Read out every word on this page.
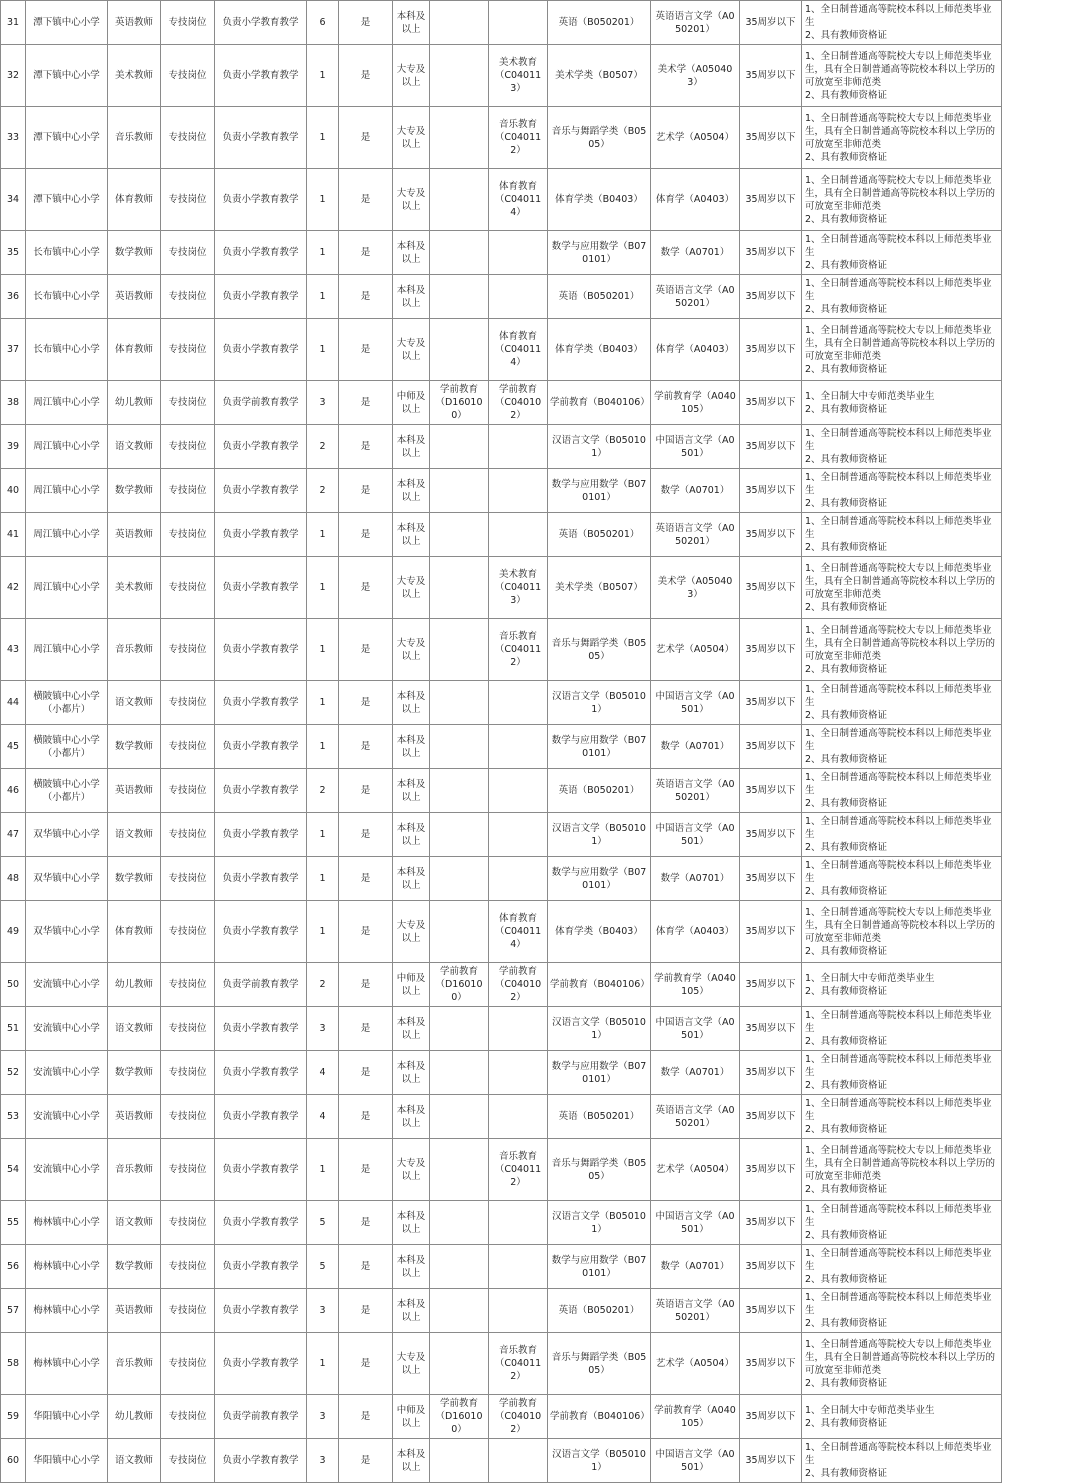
31	潭下镇中心小学	英语教师	专技岗位	负责小学教育教学	6	是	本科及以上			英语（B050201）	英语语言文学（A050201）	35周岁以下	1、全日制普通高等院校本科以上师范类毕业生
2、具有教师资格证

32	潭下镇中心小学	美术教师	专技岗位	负责小学教育教学	1	是	大专及以上		美术教育（C040113）	美术学类（B0507）	美术学（A050403）	35周岁以下	1、全日制普通高等院校大专以上师范类毕业生，具有全日制普通高等院校本科以上学历的可放宽至非师范类
2、具有教师资格证

33	潭下镇中心小学	音乐教师	专技岗位	负责小学教育教学	1	是	大专及以上		音乐教育（C040112）	音乐与舞蹈学类（B0505）	艺术学（A0504）	35周岁以下	1、全日制普通高等院校大专以上师范类毕业生，具有全日制普通高等院校本科以上学历的可放宽至非师范类
2、具有教师资格证

34	潭下镇中心小学	体育教师	专技岗位	负责小学教育教学	1	是	大专及以上		体育教育（C040114）	体育学类（B0403）	体育学（A0403）	35周岁以下	1、全日制普通高等院校大专以上师范类毕业生，具有全日制普通高等院校本科以上学历的可放宽至非师范类
2、具有教师资格证

35	长布镇中心小学	数学教师	专技岗位	负责小学教育教学	1	是	本科及以上			数学与应用数学（B070101）	数学（A0701）	35周岁以下	1、全日制普通高等院校本科以上师范类毕业生
2、具有教师资格证

36	长布镇中心小学	英语教师	专技岗位	负责小学教育教学	1	是	本科及以上			英语（B050201）	英语语言文学（A050201）	35周岁以下	1、全日制普通高等院校本科以上师范类毕业生
2、具有教师资格证

37	长布镇中心小学	体育教师	专技岗位	负责小学教育教学	1	是	大专及以上		体育教育（C040114）	体育学类（B0403）	体育学（A0403）	35周岁以下	1、全日制普通高等院校大专以上师范类毕业生，具有全日制普通高等院校本科以上学历的可放宽至非师范类
2、具有教师资格证

38	周江镇中心小学	幼儿教师	专技岗位	负责学前教育教学	3	是	中师及以上	学前教育（D160100）	学前教育（C040102）	学前教育（B040106）	学前教育学（A040105）	35周岁以下	1、全日制大中专师范类毕业生
2、具有教师资格证

39	周江镇中心小学	语文教师	专技岗位	负责小学教育教学	2	是	本科及以上			汉语言文学（B050101）	中国语言文学（A0501）	35周岁以下	1、全日制普通高等院校本科以上师范类毕业生
2、具有教师资格证

40	周江镇中心小学	数学教师	专技岗位	负责小学教育教学	2	是	本科及以上			数学与应用数学（B070101）	数学（A0701）	35周岁以下	1、全日制普通高等院校本科以上师范类毕业生
2、具有教师资格证

41	周江镇中心小学	英语教师	专技岗位	负责小学教育教学	1	是	本科及以上			英语（B050201）	英语语言文学（A050201）	35周岁以下	1、全日制普通高等院校本科以上师范类毕业生
2、具有教师资格证

42	周江镇中心小学	美术教师	专技岗位	负责小学教育教学	1	是	大专及以上		美术教育（C040113）	美术学类（B0507）	美术学（A050403）	35周岁以下	1、全日制普通高等院校大专以上师范类毕业生，具有全日制普通高等院校本科以上学历的可放宽至非师范类
2、具有教师资格证

43	周江镇中心小学	音乐教师	专技岗位	负责小学教育教学	1	是	大专及以上		音乐教育（C040112）	音乐与舞蹈学类（B0505）	艺术学（A0504）	35周岁以下	1、全日制普通高等院校大专以上师范类毕业生，具有全日制普通高等院校本科以上学历的可放宽至非师范类
2、具有教师资格证

44	横陂镇中心小学（小都片）	语文教师	专技岗位	负责小学教育教学	1	是	本科及以上			汉语言文学（B050101）	中国语言文学（A0501）	35周岁以下	1、全日制普通高等院校本科以上师范类毕业生
2、具有教师资格证

45	横陂镇中心小学（小都片）	数学教师	专技岗位	负责小学教育教学	1	是	本科及以上			数学与应用数学（B070101）	数学（A0701）	35周岁以下	1、全日制普通高等院校本科以上师范类毕业生
2、具有教师资格证

46	横陂镇中心小学（小都片）	英语教师	专技岗位	负责小学教育教学	2	是	本科及以上			英语（B050201）	英语语言文学（A050201）	35周岁以下	1、全日制普通高等院校本科以上师范类毕业生
2、具有教师资格证

47	双华镇中心小学	语文教师	专技岗位	负责小学教育教学	1	是	本科及以上			汉语言文学（B050101）	中国语言文学（A0501）	35周岁以下	1、全日制普通高等院校本科以上师范类毕业生
2、具有教师资格证

48	双华镇中心小学	数学教师	专技岗位	负责小学教育教学	1	是	本科及以上			数学与应用数学（B070101）	数学（A0701）	35周岁以下	1、全日制普通高等院校本科以上师范类毕业生
2、具有教师资格证

49	双华镇中心小学	体育教师	专技岗位	负责小学教育教学	1	是	大专及以上		体育教育（C040114）	体育学类（B0403）	体育学（A0403）	35周岁以下	1、全日制普通高等院校大专以上师范类毕业生，具有全日制普通高等院校本科以上学历的可放宽至非师范类
2、具有教师资格证

50	安流镇中心小学	幼儿教师	专技岗位	负责学前教育教学	2	是	中师及以上	学前教育（D160100）	学前教育（C040102）	学前教育（B040106）	学前教育学（A040105）	35周岁以下	1、全日制大中专师范类毕业生
2、具有教师资格证

51	安流镇中心小学	语文教师	专技岗位	负责小学教育教学	3	是	本科及以上			汉语言文学（B050101）	中国语言文学（A0501）	35周岁以下	1、全日制普通高等院校本科以上师范类毕业生
2、具有教师资格证

52	安流镇中心小学	数学教师	专技岗位	负责小学教育教学	4	是	本科及以上			数学与应用数学（B070101）	数学（A0701）	35周岁以下	1、全日制普通高等院校本科以上师范类毕业生
2、具有教师资格证

53	安流镇中心小学	英语教师	专技岗位	负责小学教育教学	4	是	本科及以上			英语（B050201）	英语语言文学（A050201）	35周岁以下	1、全日制普通高等院校本科以上师范类毕业生
2、具有教师资格证

54	安流镇中心小学	音乐教师	专技岗位	负责小学教育教学	1	是	大专及以上		音乐教育（C040112）	音乐与舞蹈学类（B0505）	艺术学（A0504）	35周岁以下	1、全日制普通高等院校大专以上师范类毕业生，具有全日制普通高等院校本科以上学历的可放宽至非师范类
2、具有教师资格证

55	梅林镇中心小学	语文教师	专技岗位	负责小学教育教学	5	是	本科及以上			汉语言文学（B050101）	中国语言文学（A0501）	35周岁以下	1、全日制普通高等院校本科以上师范类毕业生
2、具有教师资格证

56	梅林镇中心小学	数学教师	专技岗位	负责小学教育教学	5	是	本科及以上			数学与应用数学（B070101）	数学（A0701）	35周岁以下	1、全日制普通高等院校本科以上师范类毕业生
2、具有教师资格证

57	梅林镇中心小学	英语教师	专技岗位	负责小学教育教学	3	是	本科及以上			英语（B050201）	英语语言文学（A050201）	35周岁以下	1、全日制普通高等院校本科以上师范类毕业生
2、具有教师资格证

58	梅林镇中心小学	音乐教师	专技岗位	负责小学教育教学	1	是	大专及以上		音乐教育（C040112）	音乐与舞蹈学类（B0505）	艺术学（A0504）	35周岁以下	1、全日制普通高等院校大专以上师范类毕业生，具有全日制普通高等院校本科以上学历的可放宽至非师范类
2、具有教师资格证

59	华阳镇中心小学	幼儿教师	专技岗位	负责学前教育教学	3	是	中师及以上	学前教育（D160100）	学前教育（C040102）	学前教育（B040106）	学前教育学（A040105）	35周岁以下	1、全日制大中专师范类毕业生
2、具有教师资格证

60	华阳镇中心小学	语文教师	专技岗位	负责小学教育教学	3	是	本科及以上			汉语言文学（B050101）	中国语言文学（A0501）	35周岁以下	1、全日制普通高等院校本科以上师范类毕业生
2、具有教师资格证
